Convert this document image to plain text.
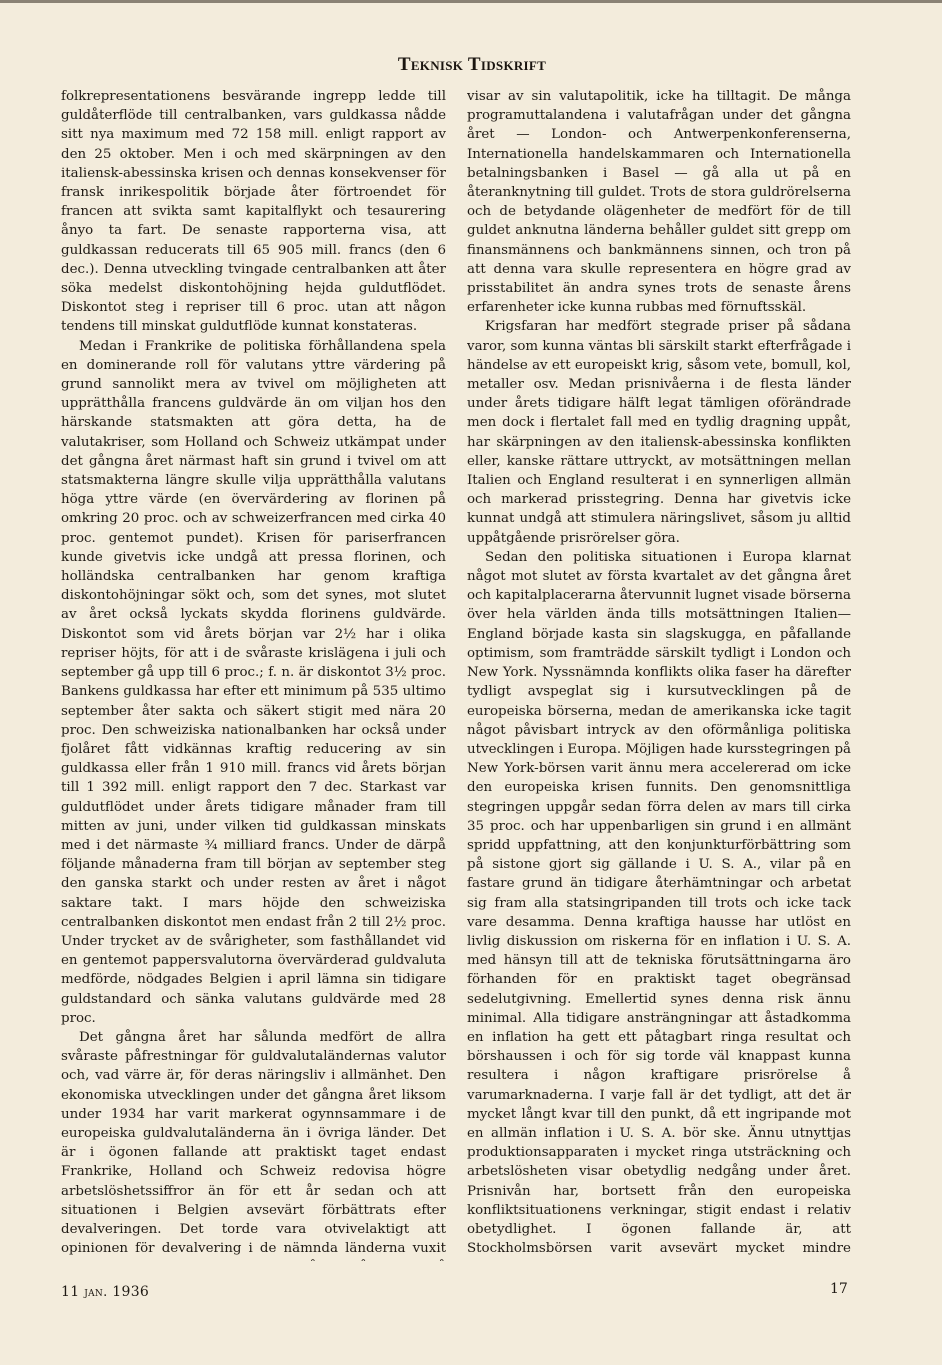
Teknisk Tidskrift

folkrepresentationens besvärande ingrepp ledde till guldåterflöde till centralbanken, vars guldkassa nådde sitt nya maximum med 72 158 mill. enligt rapport av den 25 oktober. Men i och med skärpningen av den italiensk-abessinska krisen och dennas konsekvenser för fransk inrikespolitik började åter förtroendet för francen att svikta samt kapitalflykt och tesaurering ånyo ta fart. De senaste rapporterna visa, att guldkassan reducerats till 65 905 mill. francs (den 6 dec.). Denna utveckling tvingade centralbanken att åter söka medelst diskontohöjning hejda guldutflödet. Diskontot steg i repriser till 6 proc. utan att någon tendens till minskat guldutflöde kunnat konstateras.

Medan i Frankrike de politiska förhållandena spela en dominerande roll för valutans yttre värdering på grund sannolikt mera av tvivel om möjligheten att upprätthålla francens guldvärde än om viljan hos den härskande statsmakten att göra detta, ha de valutakriser, som Holland och Schweiz utkämpat under det gångna året närmast haft sin grund i tvivel om att statsmakterna längre skulle vilja upprätthålla valutans höga yttre värde (en övervärdering av florinen på omkring 20 proc. och av schweizerfrancen med cirka 40 proc. gentemot pundet). Krisen för pariserfrancen kunde givetvis icke undgå att pressa florinen, och holländska centralbanken har genom kraftiga diskontohöjningar sökt och, som det synes, mot slutet av året också lyckats skydda florinens guldvärde. Diskontot som vid årets början var 2½ har i olika repriser höjts, för att i de svåraste krislägena i juli och september gå upp till 6 proc.; f. n. är diskontot 3½ proc. Bankens guldkassa har efter ett minimum på 535 ultimo september åter sakta och säkert stigit med nära 20 proc. Den schweiziska nationalbanken har också under fjolåret fått vidkännas kraftig reducering av sin guldkassa eller från 1 910 mill. francs vid årets början till 1 392 mill. enligt rapport den 7 dec. Starkast var guldutflödet under årets tidigare månader fram till mitten av juni, under vilken tid guldkassan minskats med i det närmaste ¾ milliard francs. Under de därpå följande månaderna fram till början av september steg den ganska starkt och under resten av året i något saktare takt. I mars höjde den schweiziska centralbanken diskontot men endast från 2 till 2½ proc. Under trycket av de svårigheter, som fasthållandet vid en gentemot pappersvalutorna övervärderad guldvaluta medförde, nödgades Belgien i april lämna sin tidigare guldstandard och sänka valutans guldvärde med 28 proc.

Det gångna året har sålunda medfört de allra svåraste påfrestningar för guldvalutaländernas valutor och, vad värre är, för deras näringsliv i allmänhet. Den ekonomiska utvecklingen under det gångna året liksom under 1934 har varit markerat ogynnsammare i de europeiska guldvalutaländerna än i övriga länder. Det är i ögonen fallande att praktiskt taget endast Frankrike, Holland och Schweiz redovisa högre arbetslöshetssiffror än för ett år sedan och att situationen i Belgien avsevärt förbättrats efter devalveringen. Det torde vara otvivelaktigt att opinionen för devalvering i de nämnda länderna vuxit

visar av sin valutapolitik, icke ha tilltagit. De många programuttalandena i valutafrågan under det gångna året — London- och Antwerpenkonferenserna, Internationella handelskammaren och Internationella betalningsbanken i Basel — gå alla ut på en återanknytning till guldet. Trots de stora guldrörelserna och de betydande olägenheter de medfört för de till guldet anknutna länderna behåller guldet sitt grepp om finansmännens och bankmännens sinnen, och tron på att denna vara skulle representera en högre grad av prisstabilitet än andra synes trots de senaste årens erfarenheter icke kunna rubbas med förnuftsskäl.

Krigsfaran har medfört stegrade priser på sådana varor, som kunna väntas bli särskilt starkt efterfrågade i händelse av ett europeiskt krig, såsom vete, bomull, kol, metaller osv. Medan prisnivåerna i de flesta länder under årets tidigare hälft legat tämligen oförändrade men dock i flertalet fall med en tydlig dragning uppåt, har skärpningen av den italiensk-abessinska konflikten eller, kanske rättare uttryckt, av motsättningen mellan Italien och England resulterat i en synnerligen allmän och markerad prisstegring. Denna har givetvis icke kunnat undgå att stimulera näringslivet, såsom ju alltid uppåtgående prisrörelser göra.

Sedan den politiska situationen i Europa klarnat något mot slutet av första kvartalet av det gångna året och kapitalplacerarna återvunnit lugnet visade börserna över hela världen ända tills motsättningen Italien—England började kasta sin slagskugga, en påfallande optimism, som framträdde särskilt tydligt i London och New York. Nyssnämnda konflikts olika faser ha därefter tydligt avspeglat sig i kursutvecklingen på de europeiska börserna, medan de amerikanska icke tagit något påvisbart intryck av den oförmånliga politiska utvecklingen i Europa. Möjligen hade kursstegringen på New York-börsen varit ännu mera accelererad om icke den europeiska krisen funnits. Den genomsnittliga stegringen uppgår sedan förra delen av mars till cirka 35 proc. och har uppenbarligen sin grund i en allmänt spridd uppfattning, att den konjunkturförbättring som på sistone gjort sig gällande i U. S. A., vilar på en fastare grund än tidigare återhämtningar och arbetat sig fram alla statsingripanden till trots och icke tack vare desamma. Denna kraftiga hausse har utlöst en livlig diskussion om riskerna för en inflation i U. S. A. med hänsyn till att de tekniska förutsättningarna äro förhanden för en praktiskt taget obegränsad sedelutgivning. Emellertid synes denna risk ännu minimal. Alla tidigare ansträngningar att åstadkomma en inflation ha gett ett påtagbart ringa resultat och börshaussen i och för sig torde väl knappast kunna resultera i någon kraftigare prisrörelse å varumarknaderna. I varje fall är det tydligt, att det är mycket långt kvar till den punkt, då ett ingripande mot en allmän inflation i U. S. A. bör ske. Ännu utnyttjas produktionsapparaten i mycket ringa utsträckning och arbetslösheten visar obetydlig nedgång under året. Prisnivån har, bortsett från den europeiska konfliktsituationens verkningar, stigit endast i relativ obetydlighet. I ögonen fallande är, att Stockholmsbörsen varit avsevärt mycket mindre

11 jan. 1936	17
